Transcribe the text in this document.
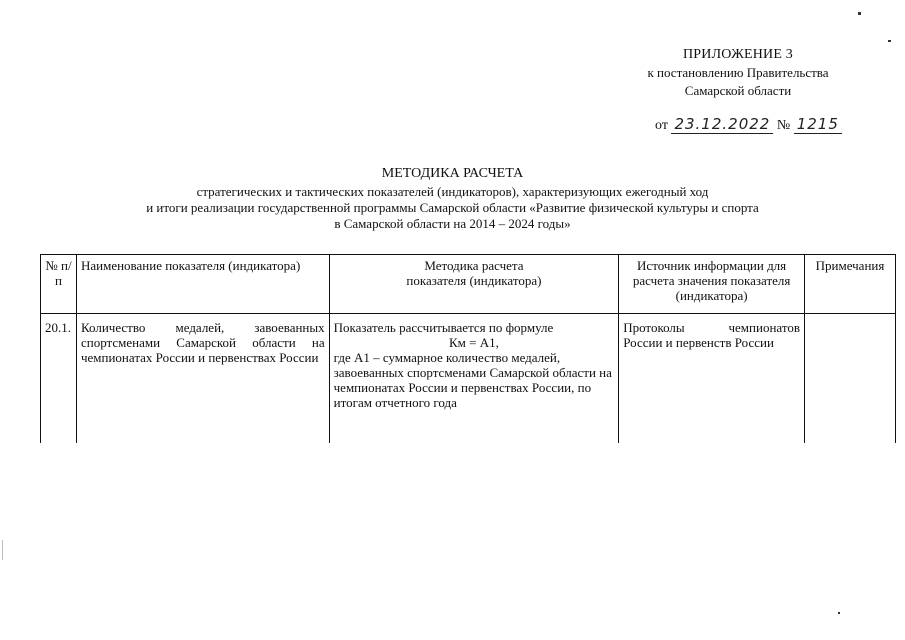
ПРИЛОЖЕНИЕ 3
к постановлению Правительства
Самарской области
от 23.12.2022 № 1215
МЕТОДИКА РАСЧЕТА
стратегических и тактических показателей (индикаторов), характеризующих ежегодный ход
и итоги реализации государственной программы Самарской области «Развитие физической культуры и спорта
в Самарской области на 2014 – 2024 годы»
№ п/п	Наименование показателя (индикатора)	Методика расчета
показателя (индикатора)	Источник информации для расчета значения показателя (индикатора)	Примечания
20.1.	Количество медалей, завоеванных спортсменами Самарской области на чемпионатах России и первенствах России	Показатель рассчитывается по формуле
Км = А1,
где А1 – суммарное количество медалей, завоеванных спортсменами Самарской области на чемпионатах России и первенствах России, по итогам отчетного года	Протоколы чемпионатов России и первенств России	
